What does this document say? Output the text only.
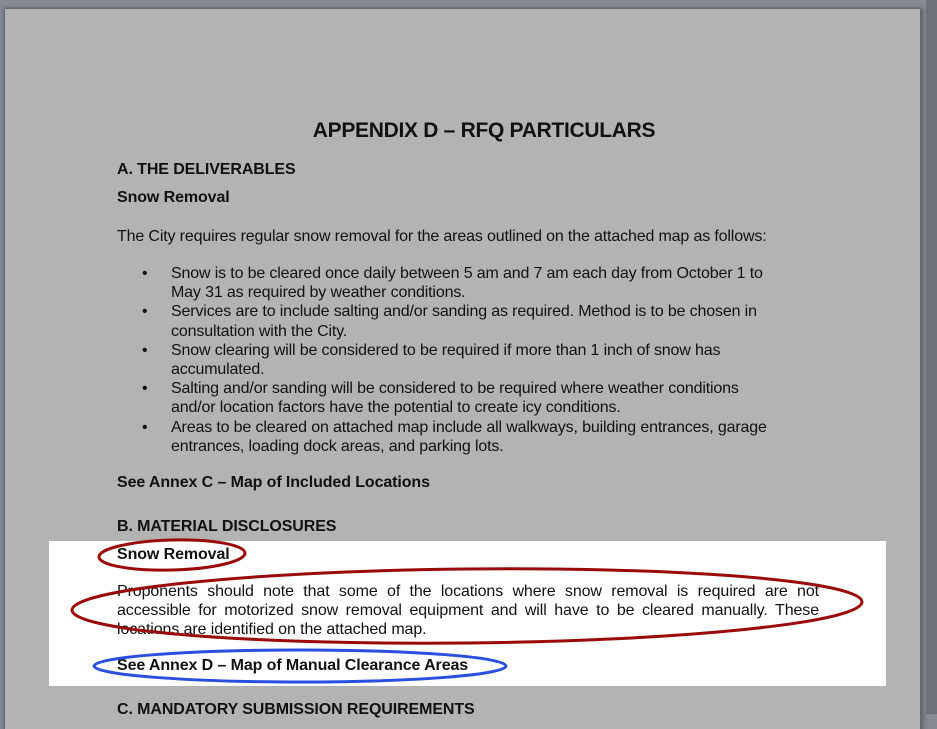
APPENDIX D – RFQ PARTICULARS
A. THE DELIVERABLES
Snow Removal
The City requires regular snow removal for the areas outlined on the attached map as follows:
• Snow is to be cleared once daily between 5 am and 7 am each day from October 1 to
May 31 as required by weather conditions.
• Services are to include salting and/or sanding as required. Method is to be chosen in
consultation with the City.
• Snow clearing will be considered to be required if more than 1 inch of snow has
accumulated.
• Salting and/or sanding will be considered to be required where weather conditions
and/or location factors have the potential to create icy conditions.
• Areas to be cleared on attached map include all walkways, building entrances, garage
entrances, loading dock areas, and parking lots.
See Annex C – Map of Included Locations
B. MATERIAL DISCLOSURES
Snow Removal

Proponents should note that some of the locations where snow removal is required are not accessible for motorized snow removal equipment and will have to be cleared manually. These locations are identified on the attached map.

See Annex D – Map of Manual Clearance Areas
C. MANDATORY SUBMISSION REQUIREMENTS
